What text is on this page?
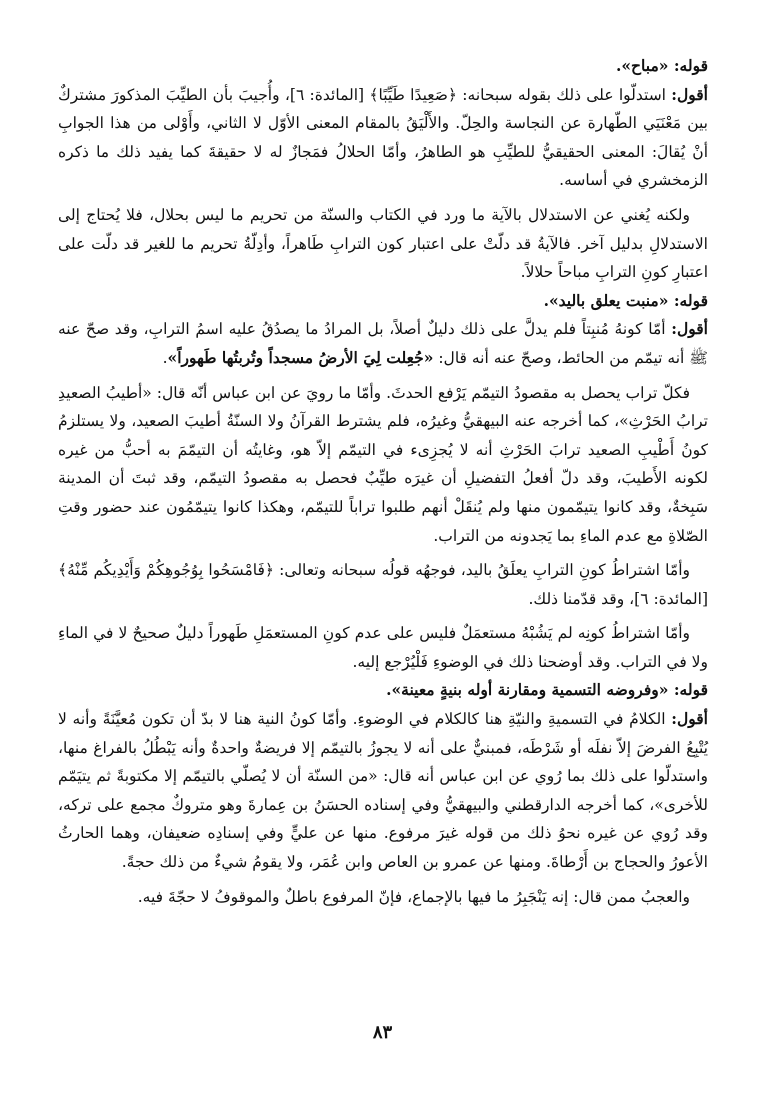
قوله: «مباح».

أقول: استدلّوا على ذلك بقوله سبحانه: ﴿صَعِيدًا طَيِّبًا﴾ [المائدة: ٦]، وأُجيبَ بأن الطيِّبَ المذكورَ مشتركٌ بين مَعْنَيَي الطّهارة عن النجاسة والحِلّ. والأَلْيَقُ بالمقام المعنى الأوّل لا الثاني، وأَوْلى من هذا الجوابِ أنْ يُقالَ: المعنى الحقيقيُّ للطيِّبِ هو الطاهرُ، وأمّا الحلالُ فمَجازٌ له لا حقيقةَ كما يفيد ذلك ما ذكره الزمخشري في أساسه.

ولكنه يُغني عن الاستدلال بالآية ما ورد في الكتاب والسنّة من تحريم ما ليس بحلال، فلا يُحتاج إلى الاستدلالِ بدليل آخر. فالآيةُ قد دلّتْ على اعتبار كون الترابِ طَاهراً، وأدِلّةُ تحريم ما للغير قد دلّت على اعتبارِ كونِ الترابِ مباحاً حلالاً.

قوله: «منبت يعلق باليد».

أقول: أمّا كونهُ مُنبِتاً فلم يدلَّ على ذلك دليلٌ أصلاً، بل المرادُ ما يصدُقُ عليه اسمُ الترابِ، وقد صحّ عنه ﷺ أنه تيمّم من الحائط، وصحّ عنه أنه قال: «جُعِلت لِيَ الأرضُ مسجداً وتُربتُها طَهوراً».

فكلّ تراب يحصل به مقصودُ التيمّم يَرْفع الحدثَ. وأمّا ما رويَ عن ابن عباس أنّه قال: «أطيبُ الصعيدِ ترابُ الحَرْثِ»، كما أخرجه عنه البيهقيُّ وغيرُه، فلم يشترط القرآنُ ولا السنّةُ أطيبَ الصعيد، ولا يستلزمُ كونُ أَطْيبِ الصعيد ترابَ الحَرْثِ أنه لا يُجزِىء في التيمّم إلاّ هو، وغايتُه أن التيمّمَ به أحبُّ من غيره لكونه الأَطيبَ، وقد دلّ أفعلُ التفضيلِ أن غيرَه طيِّبٌ فحصل به مقصودُ التيمّم، وقد ثبتَ أن المدينة سَبِخةٌ، وقد كانوا يتيمّمون منها ولم يُنقَلْ أنهم طلبوا تراباً للتيمّم، وهكذا كانوا يتيمّمُون عند حضور وقتِ الصّلاةِ مع عدم الماءِ بما يَجدونه من التراب.

وأمّا اشتراطُ كونِ الترابِ يعلَقُ باليد، فوجهُه قولُه سبحانه وتعالى: ﴿فَامْسَحُوا بِوُجُوهِكُمْ وَأَيْدِيكُم مِّنْهُ﴾ [المائدة: ٦]، وقد قدّمنا ذلك.

وأمّا اشتراطُ كونِه لم يَشُبْهُ مستعمَلٌ فليس على عدم كونِ المستعمَلِ طَهوراً دليلٌ صحيحٌ لا في الماءِ ولا في التراب. وقد أوضحنا ذلك في الوضوءِ فَلْيُرْجع إليه.

قوله: «وفروضه التسمية ومقارنة أوله بنيةٍ معينة».

أقول: الكلامُ في التسميةِ والنيّةِ هنا كالكلام في الوضوءِ. وأمّا كونُ النية هنا لا بدّ أن تكون مُعيَّنَةً وأنه لا يُتْبِعُ الفرضَ إلاّ نفلَه أو شَرْطَه، فمبنيٌّ على أنه لا يجوزُ بالتيمّم إلا فريضةٌ واحدةٌ وأنه يَبْطُلُ بالفراغ منها، واستدلّوا على ذلك بما رُوي عن ابن عباس أنه قال: «من السنّة أن لا يُصلّي بالتيمّم إلا مكتوبةً ثم يتيَمّم للأخرى»، كما أخرجه الدارقطني والبيهقيُّ وفي إسناده الحسَنُ بن عِمارةَ وهو متروكٌ مجمع على تركه، وقد رُوي عن غيره نحوُ ذلك من قوله غيرَ مرفوع. منها عن عليٍّ وفي إسنادِه ضعيفان، وهما الحارثُ الأعورُ والحجاج بن أَرْطاةَ. ومنها عن عمرو بن العاص وابن عُمَر، ولا يقومُ شيءٌ من ذلك حجةً.

والعجبُ ممن قال: إنه يَنْجَبِرُ ما فيها بالإجماع، فإنّ المرفوع باطلٌ والموقوفُ لا حجّةَ فيه.

٨٣
